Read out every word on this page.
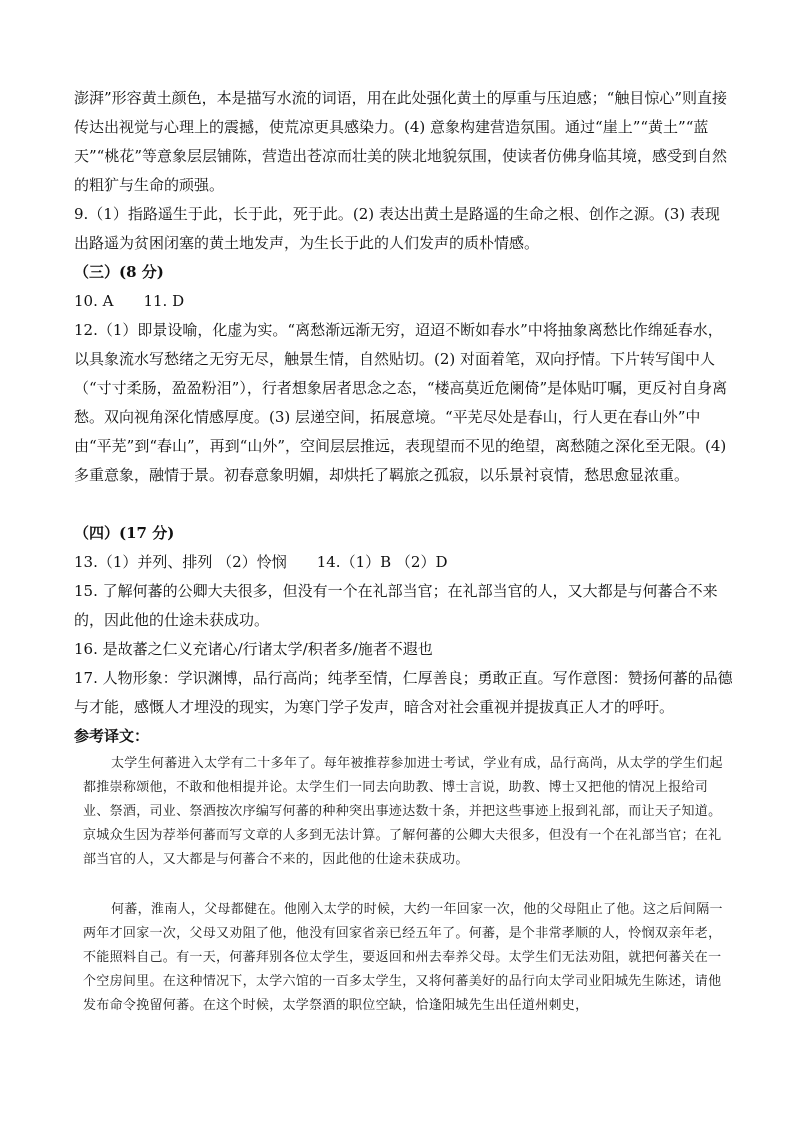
澎湃”形容黄土颜色，本是描写水流的词语，用在此处强化黄土的厚重与压迫感；“触目惊心”则直接传达出视觉与心理上的震撼，使荒凉更具感染力。(4) 意象构建营造氛围。通过“崖上”“黄土”“蓝天”“桃花”等意象层层铺陈，营造出苍凉而壮美的陕北地貌氛围，使读者仿佛身临其境，感受到自然的粗犷与生命的顽强。

9.（1）指路遥生于此，长于此，死于此。(2) 表达出黄土是路遥的生命之根、创作之源。(3) 表现出路遥为贫困闭塞的黄土地发声，为生长于此的人们发声的质朴情感。

（三）(8 分)

10. A　　11. D

12.（1）即景设喻，化虚为实。“离愁渐远渐无穷，迢迢不断如春水”中将抽象离愁比作绵延春水，以具象流水写愁绪之无穷无尽，触景生情，自然贴切。(2) 对面着笔，双向抒情。下片转写闺中人（“寸寸柔肠，盈盈粉泪”），行者想象居者思念之态，“楼高莫近危阑倚”是体贴叮嘱，更反衬自身离愁。双向视角深化情感厚度。(3) 层递空间，拓展意境。“平芜尽处是春山，行人更在春山外”中由“平芜”到“春山”，再到“山外”，空间层层推远，表现望而不见的绝望，离愁随之深化至无限。(4) 多重意象，融情于景。初春意象明媚，却烘托了羁旅之孤寂，以乐景衬哀情，愁思愈显浓重。

（四）(17 分)

13.（1）并列、排列 （2）怜悯　　14.（1）B （2）D

15. 了解何蕃的公卿大夫很多，但没有一个在礼部当官；在礼部当官的人，又大都是与何蕃合不来的，因此他的仕途未获成功。

16. 是故蕃之仁义充诸心/行诸太学/积者多/施者不遐也

17. 人物形象：学识渊博，品行高尚；纯孝至情，仁厚善良；勇敢正直。写作意图：赞扬何蕃的品德与才能，感慨人才埋没的现实，为寒门学子发声，暗含对社会重视并提拔真正人才的呼吁。

参考译文：

太学生何蕃进入太学有二十多年了。每年被推荐参加进士考试，学业有成，品行高尚，从太学的学生们起都推崇称颂他，不敢和他相提并论。太学生们一同去向助教、博士言说，助教、博士又把他的情况上报给司业、祭酒，司业、祭酒按次序编写何蕃的种种突出事迹达数十条，并把这些事迹上报到礼部，而让天子知道。京城众生因为荐举何蕃而写文章的人多到无法计算。了解何蕃的公卿大夫很多，但没有一个在礼部当官；在礼部当官的人，又大都是与何蕃合不来的，因此他的仕途未获成功。

何蕃，淮南人，父母都健在。他刚入太学的时候，大约一年回家一次，他的父母阻止了他。这之后间隔一两年才回家一次，父母又劝阻了他，他没有回家省亲已经五年了。何蕃，是个非常孝顺的人，怜悯双亲年老，不能照料自己。有一天，何蕃拜别各位太学生，要返回和州去奉养父母。太学生们无法劝阻，就把何蕃关在一个空房间里。在这种情况下，太学六馆的一百多太学生，又将何蕃美好的品行向太学司业阳城先生陈述，请他发布命令挽留何蕃。在这个时候，太学祭酒的职位空缺，恰逢阳城先生出任道州刺史，
